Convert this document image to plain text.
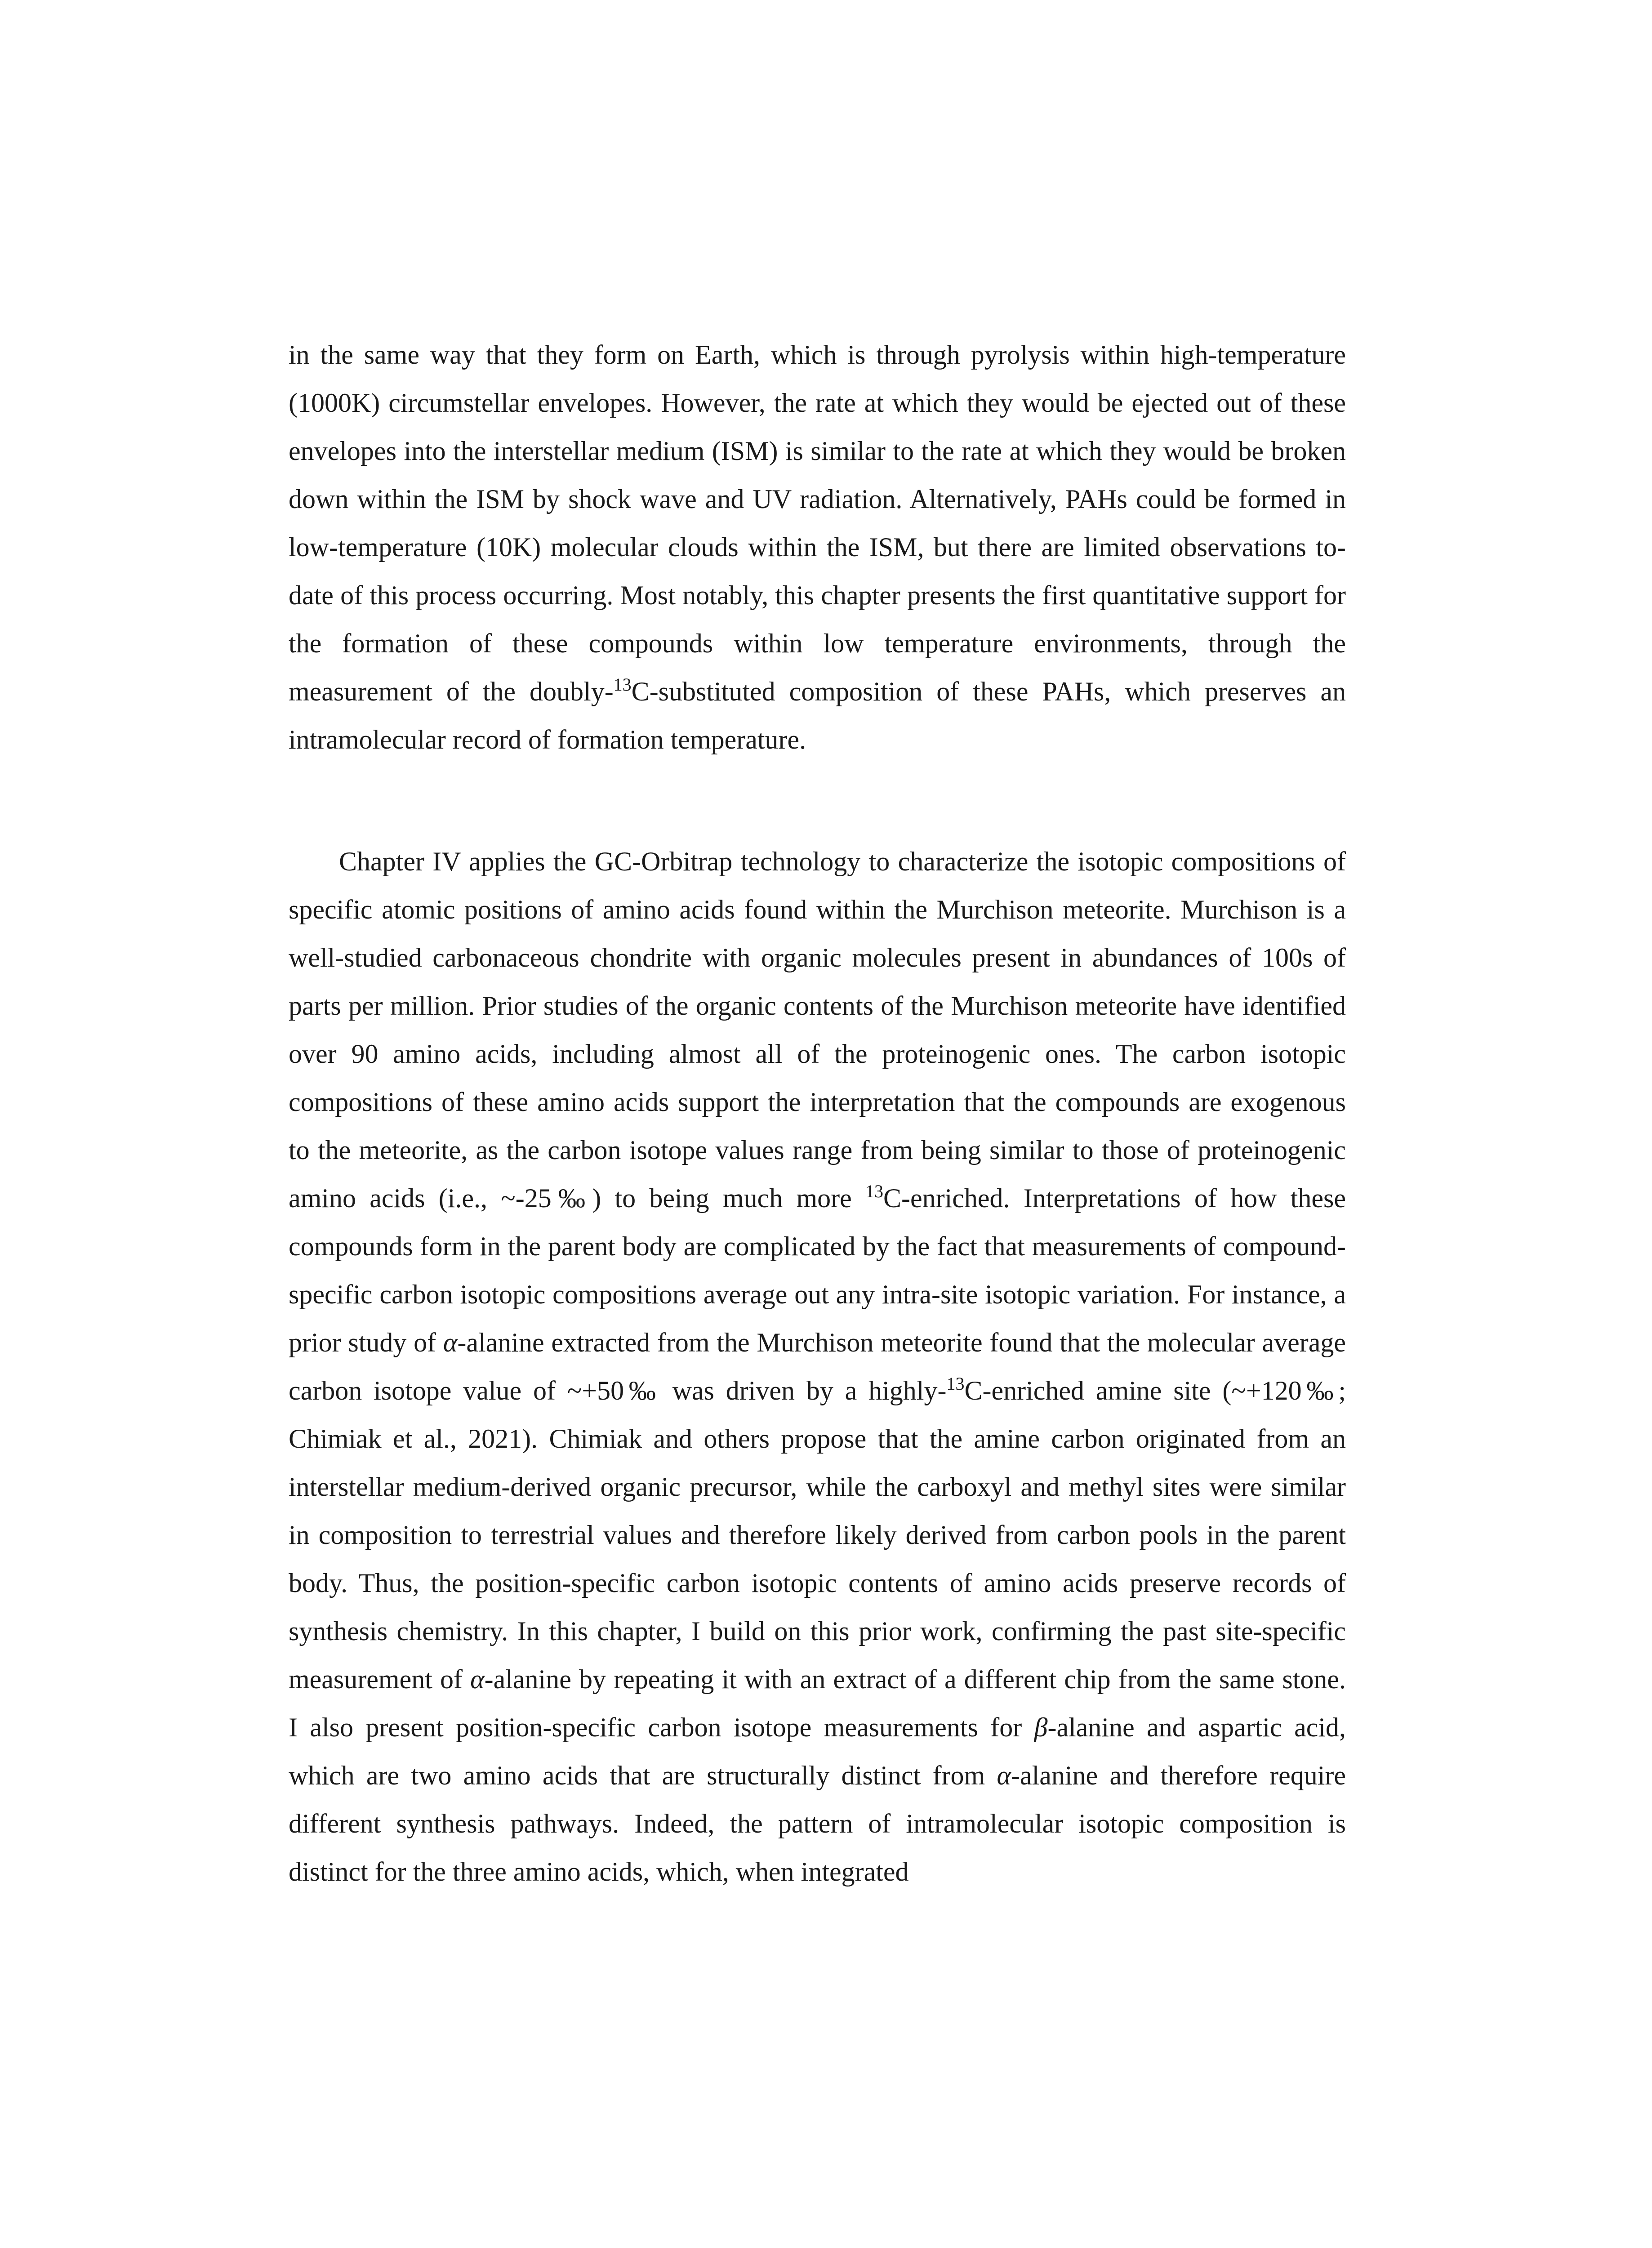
in the same way that they form on Earth, which is through pyrolysis within high-temperature (1000K) circumstellar envelopes. However, the rate at which they would be ejected out of these envelopes into the interstellar medium (ISM) is similar to the rate at which they would be broken down within the ISM by shock wave and UV radiation. Alternatively, PAHs could be formed in low-temperature (10K) molecular clouds within the ISM, but there are limited observations to-date of this process occurring. Most notably, this chapter presents the first quantitative support for the formation of these compounds within low temperature environments, through the measurement of the doubly-$^{13}$C-substituted composition of these PAHs, which preserves an intramolecular record of formation temperature.

Chapter IV applies the GC-Orbitrap technology to characterize the isotopic compositions of specific atomic positions of amino acids found within the Murchison meteorite. Murchison is a well-studied carbonaceous chondrite with organic molecules present in abundances of 100s of parts per million. Prior studies of the organic contents of the Murchison meteorite have identified over 90 amino acids, including almost all of the proteinogenic ones. The carbon isotopic compositions of these amino acids support the interpretation that the compounds are exogenous to the meteorite, as the carbon isotope values range from being similar to those of proteinogenic amino acids (i.e., ~-25‰) to being much more $^{13}$C-enriched. Interpretations of how these compounds form in the parent body are complicated by the fact that measurements of compound-specific carbon isotopic compositions average out any intra-site isotopic variation. For instance, a prior study of α-alanine extracted from the Murchison meteorite found that the molecular average carbon isotope value of ~+50‰ was driven by a highly-$^{13}$C-enriched amine site (~+120‰; Chimiak et al., 2021). Chimiak and others propose that the amine carbon originated from an interstellar medium-derived organic precursor, while the carboxyl and methyl sites were similar in composition to terrestrial values and therefore likely derived from carbon pools in the parent body. Thus, the position-specific carbon isotopic contents of amino acids preserve records of synthesis chemistry. In this chapter, I build on this prior work, confirming the past site-specific measurement of α-alanine by repeating it with an extract of a different chip from the same stone. I also present position-specific carbon isotope measurements for β-alanine and aspartic acid, which are two amino acids that are structurally distinct from α-alanine and therefore require different synthesis pathways. Indeed, the pattern of intramolecular isotopic composition is distinct for the three amino acids, which, when integrated
